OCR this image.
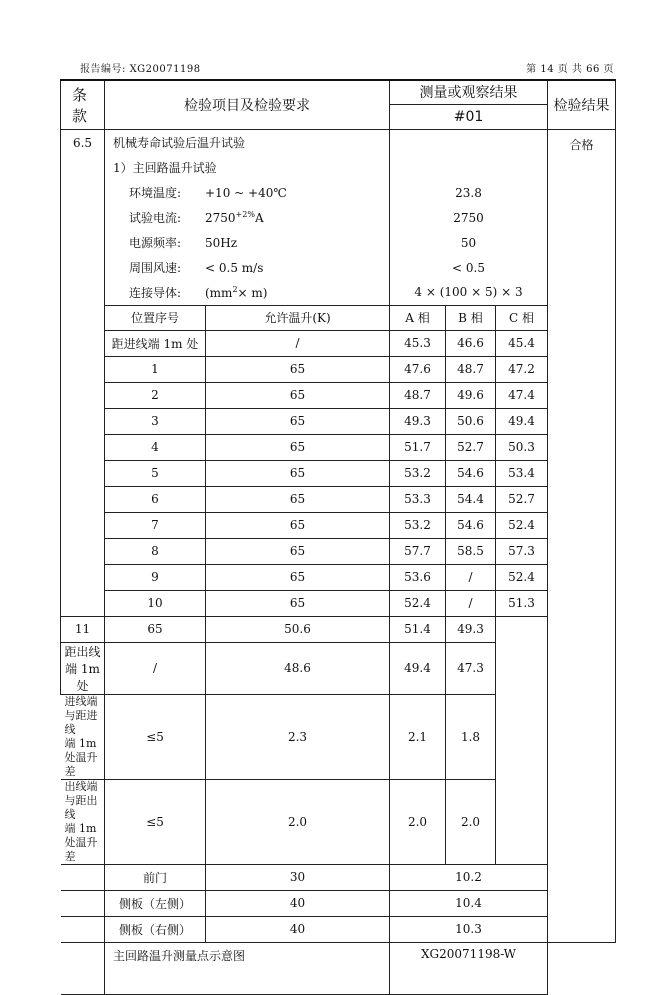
报告编号: XG20071198	第 14 页 共 66 页
条 款	检验项目及检验要求		测量或观察结果			检验结果
			#01			
6.5	机械寿命试验后温升试验					合格
	1）主回路温升试验					
	环境温度: +10 ~ +40℃		23.8			
	试验电流: $2750^{+2\%}A$		2750			
	电源频率: 50Hz		50			
	周围风速: < 0.5 m/s		< 0.5			
	连接导体: $(mm^2\times m)$		4 × (100 × 5) × 3			
	位置序号	允许温升(K)	A 相	B 相	C 相	
	距进线端 1m 处	/	45.3	46.6	45.4	
	1	65	47.6	48.7	47.2	
	2	65	48.7	49.6	47.4	
	3	65	49.3	50.6	49.4	
	4	65	51.7	52.7	50.3	
	5	65	53.2	54.6	53.4	
	6	65	53.3	54.4	52.7	
	7	65	53.2	54.6	52.4	
	8	65	57.7	58.5	57.3	
	9	65	53.6	/	52.4	
	10	65	52.4	/	51.3	
11	65	50.6	51.4	49.3		
距出线端 1m 处	/	48.6	49.4	47.3		

进线端与距进线
端 1m 处温升差	≤5	2.3	2.1	1.8		

出线端与距出线
端 1m 处温升差	≤5	2.0	2.0	2.0		
	前门	30	10.2			
	侧板（左侧）	40	10.4			
	侧板（右侧）	40	10.3			
	主回路温升测量点示意图		XG20071198-W			
